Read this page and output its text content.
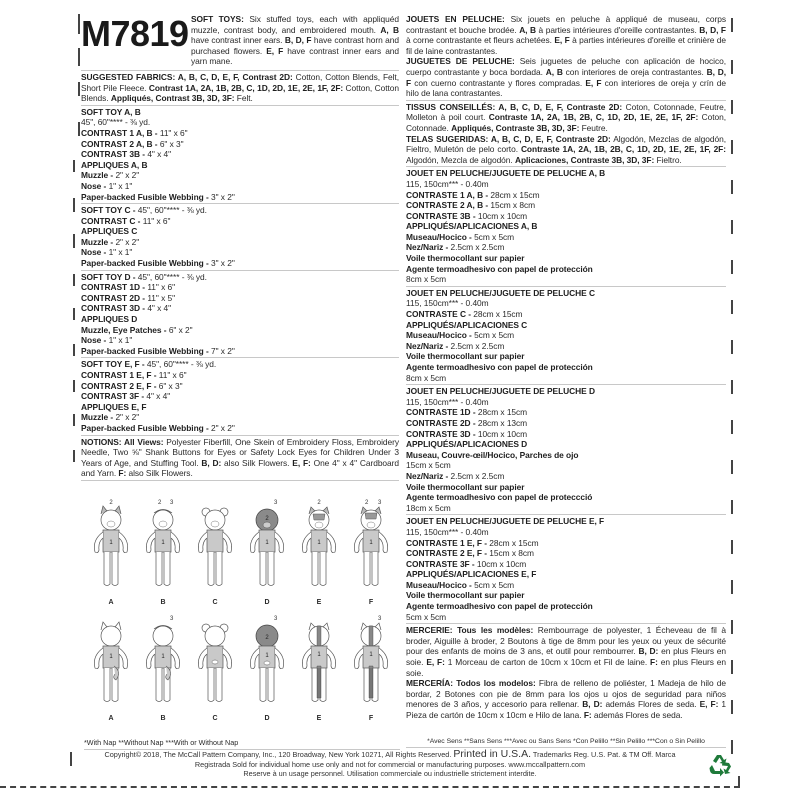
M7819 SOFT TOYS: Six stuffed toys, each with appliquéd muzzle, contrast body, and embroidered mouth. A, B have contrast inner ears. B, D, F have contrast horn and purchased flowers. E, F have contrast inner ears and yarn mane.
SUGGESTED FABRICS: A, B, C, D, E, F, Contrast 2D: Cotton, Cotton Blends, Felt, Short Pile Fleece. Contrast 1A, 2A, 1B, 2B, C, 1D, 2D, 1E, 2E, 1F, 2F: Cotton, Cotton Blends. Appliqués, Contrast 3B, 3D, 3F: Felt.
SOFT TOY A, B
45", 60"**** - ⅜ yd.
CONTRAST 1 A, B - 11" x 6"
CONTRAST 2 A, B - 6" x 3"
CONTRAST 3B - 4" x 4"
APPLIQUES A, B
Muzzle - 2" x 2"
Nose - 1" x 1"
Paper-backed Fusible Webbing - 3" x 2"
SOFT TOY C - 45", 60"**** - ⅜ yd.
CONTRAST C - 11" x 6"
APPLIQUES C
Muzzle - 2" x 2"
Nose - 1" x 1"
Paper-backed Fusible Webbing - 3" x 2"
SOFT TOY D - 45", 60"**** - ⅜ yd.
CONTRAST 1D - 11" x 6"
CONTRAST 2D - 11" x 5"
CONTRAST 3D - 4" x 4"
APPLIQUES D
Muzzle, Eye Patches - 6" x 2"
Nose - 1" x 1"
Paper-backed Fusible Webbing - 7" x 2"
SOFT TOY E, F - 45", 60"**** - ⅜ yd.
CONTRAST 1 E, F - 11" x 6"
CONTRAST 2 E, F - 6" x 3"
CONTRAST 3F - 4" x 4"
APPLIQUES E, F
Muzzle - 2" x 2"
Paper-backed Fusible Webbing - 2" x 2"
NOTIONS: All Views: Polyester Fiberfill, One Skein of Embroidery Floss, Embroidery Needle, Two ⅝" Shank Buttons for Eyes or Safety Lock Eyes for Children Under 3 Years of Age, and Stuffing Tool. B, D: also Silk Flowers. E, F: One 4" x 4" Cardboard and Yarn. F: also Silk Flowers.
2
1
A
2 3
1
B	C
3
2
1
D
2
1
E
2 3
1
F
1
A
3
1
B	C
3
2
1
D
1
E
3
1
F
*With Nap **Without Nap ***With or Without Nap
JOUETS EN PELUCHE: Six jouets en peluche à appliqué de museau, corps contrastant et bouche brodée. A, B à parties intérieures d'oreille contrastantes. B, D, F à corne contrastante et fleurs achetées. E, F à parties intérieures d'oreille et crinière de fil de laine contrastantes.
JUGUETES DE PELUCHE: Seis juguetes de peluche con aplicación de hocico, cuerpo contrastante y boca bordada. A, B con interiores de oreja contrastantes. B, D, F con cuerno contrastante y flores compradas. E, F con interiores de oreja y crín de hilo de lana contrastantes.
TISSUS CONSEILLÉS: A, B, C, D, E, F, Contraste 2D: Coton, Cotonnade, Feutre, Molleton à poil court. Contraste 1A, 2A, 1B, 2B, C, 1D, 2D, 1E, 2E, 1F, 2F: Coton, Cotonnade. Appliqués, Contraste 3B, 3D, 3F: Feutre.
TELAS SUGERIDAS: A, B, C, D, E, F, Contraste 2D: Algodón, Mezclas de algodón, Fieltro, Muletón de pelo corto. Contraste 1A, 2A, 1B, 2B, C, 1D, 2D, 1E, 2E, 1F, 2F: Algodón, Mezcla de algodón. Aplicaciones, Contraste 3B, 3D, 3F: Fieltro.
JOUET EN PELUCHE/JUGUETE DE PELUCHE A, B
115, 150cm*** - 0.40m
CONTRASTE 1 A, B - 28cm x 15cm
CONTRASTE 2 A, B - 15cm x 8cm
CONTRASTE 3B - 10cm x 10cm
APPLIQUÉS/APLICACIONES A, B
Museau/Hocico - 5cm x 5cm
Nez/Nariz - 2.5cm x 2.5cm
Voile thermocollant sur papier
Agente termoadhesivo con papel de protección
8cm x 5cm
JOUET EN PELUCHE/JUGUETE DE PELUCHE C
115, 150cm*** - 0.40m
CONTRASTE C - 28cm x 15cm
APPLIQUÉS/APLICACIONES C
Museau/Hocico - 5cm x 5cm
Nez/Nariz - 2.5cm x 2.5cm
Voile thermocollant sur papier
Agente termoadhesivo con papel de protección
8cm x 5cm
JOUET EN PELUCHE/JUGUETE DE PELUCHE D
115, 150cm*** - 0.40m
CONTRASTE 1D - 28cm x 15cm
CONTRASTE 2D - 28cm x 13cm
CONTRASTE 3D - 10cm x 10cm
APPLIQUÉS/APLICACIONES D
Museau, Couvre-œil/Hocico, Parches de ojo
15cm x 5cm
Nez/Nariz - 2.5cm x 2.5cm
Voile thermocollant sur papier
Agente termoadhesivo con papel de proteccció
18cm x 5cm
JOUET EN PELUCHE/JUGUETE DE PELUCHE E, F
115, 150cm*** - 0.40m
CONTRASTE 1 E, F - 28cm x 15cm
CONTRASTE 2 E, F - 15cm x 8cm
CONTRASTE 3F - 10cm x 10cm
APPLIQUÉS/APLICACIONES E, F
Museau/Hocico - 5cm x 5cm
Voile thermocollant sur papier
Agente termoadhesivo con papel de protección
5cm x 5cm
MERCERIE: Tous les modèles: Rembourrage de polyester, 1 Écheveau de fil à broder, Aiguille à broder, 2 Boutons à tige de 8mm pour les yeux ou yeux de sécurité pour des enfants de moins de 3 ans, et outil pour rembourrer. B, D: en plus Fleurs en soie. E, F: 1 Morceau de carton de 10cm x 10cm et Fil de laine. F: en plus Fleurs en soie.
MERCERÍA: Todos los modelos: Fibra de relleno de poliéster, 1 Madeja de hilo de bordar, 2 Botones con pie de 8mm para los ojos u ojos de seguridad para niños menores de 3 años, y accesorio para rellenar. B, D: además Flores de seda. E, F: 1 Pieza de cartón de 10cm x 10cm e Hilo de lana. F: además Flores de seda.
*Avec Sens **Sans Sens ***Avec ou Sans Sens *Con Pelillo **Sin Pelillo ***Con o Sin Pelillo
Copyright© 2018, The McCall Pattern Company, Inc., 120 Broadway, New York 10271, All Rights Reserved. Printed in U.S.A. Trademarks Reg. U.S. Pat. & TM Off. Marca
Registrada Sold for individual home use only and not for commercial or manufacturing purposes. www.mccallpattern.com
Reserve à un usage personnel. Utilisation commerciale ou industrielle strictement interdite.
